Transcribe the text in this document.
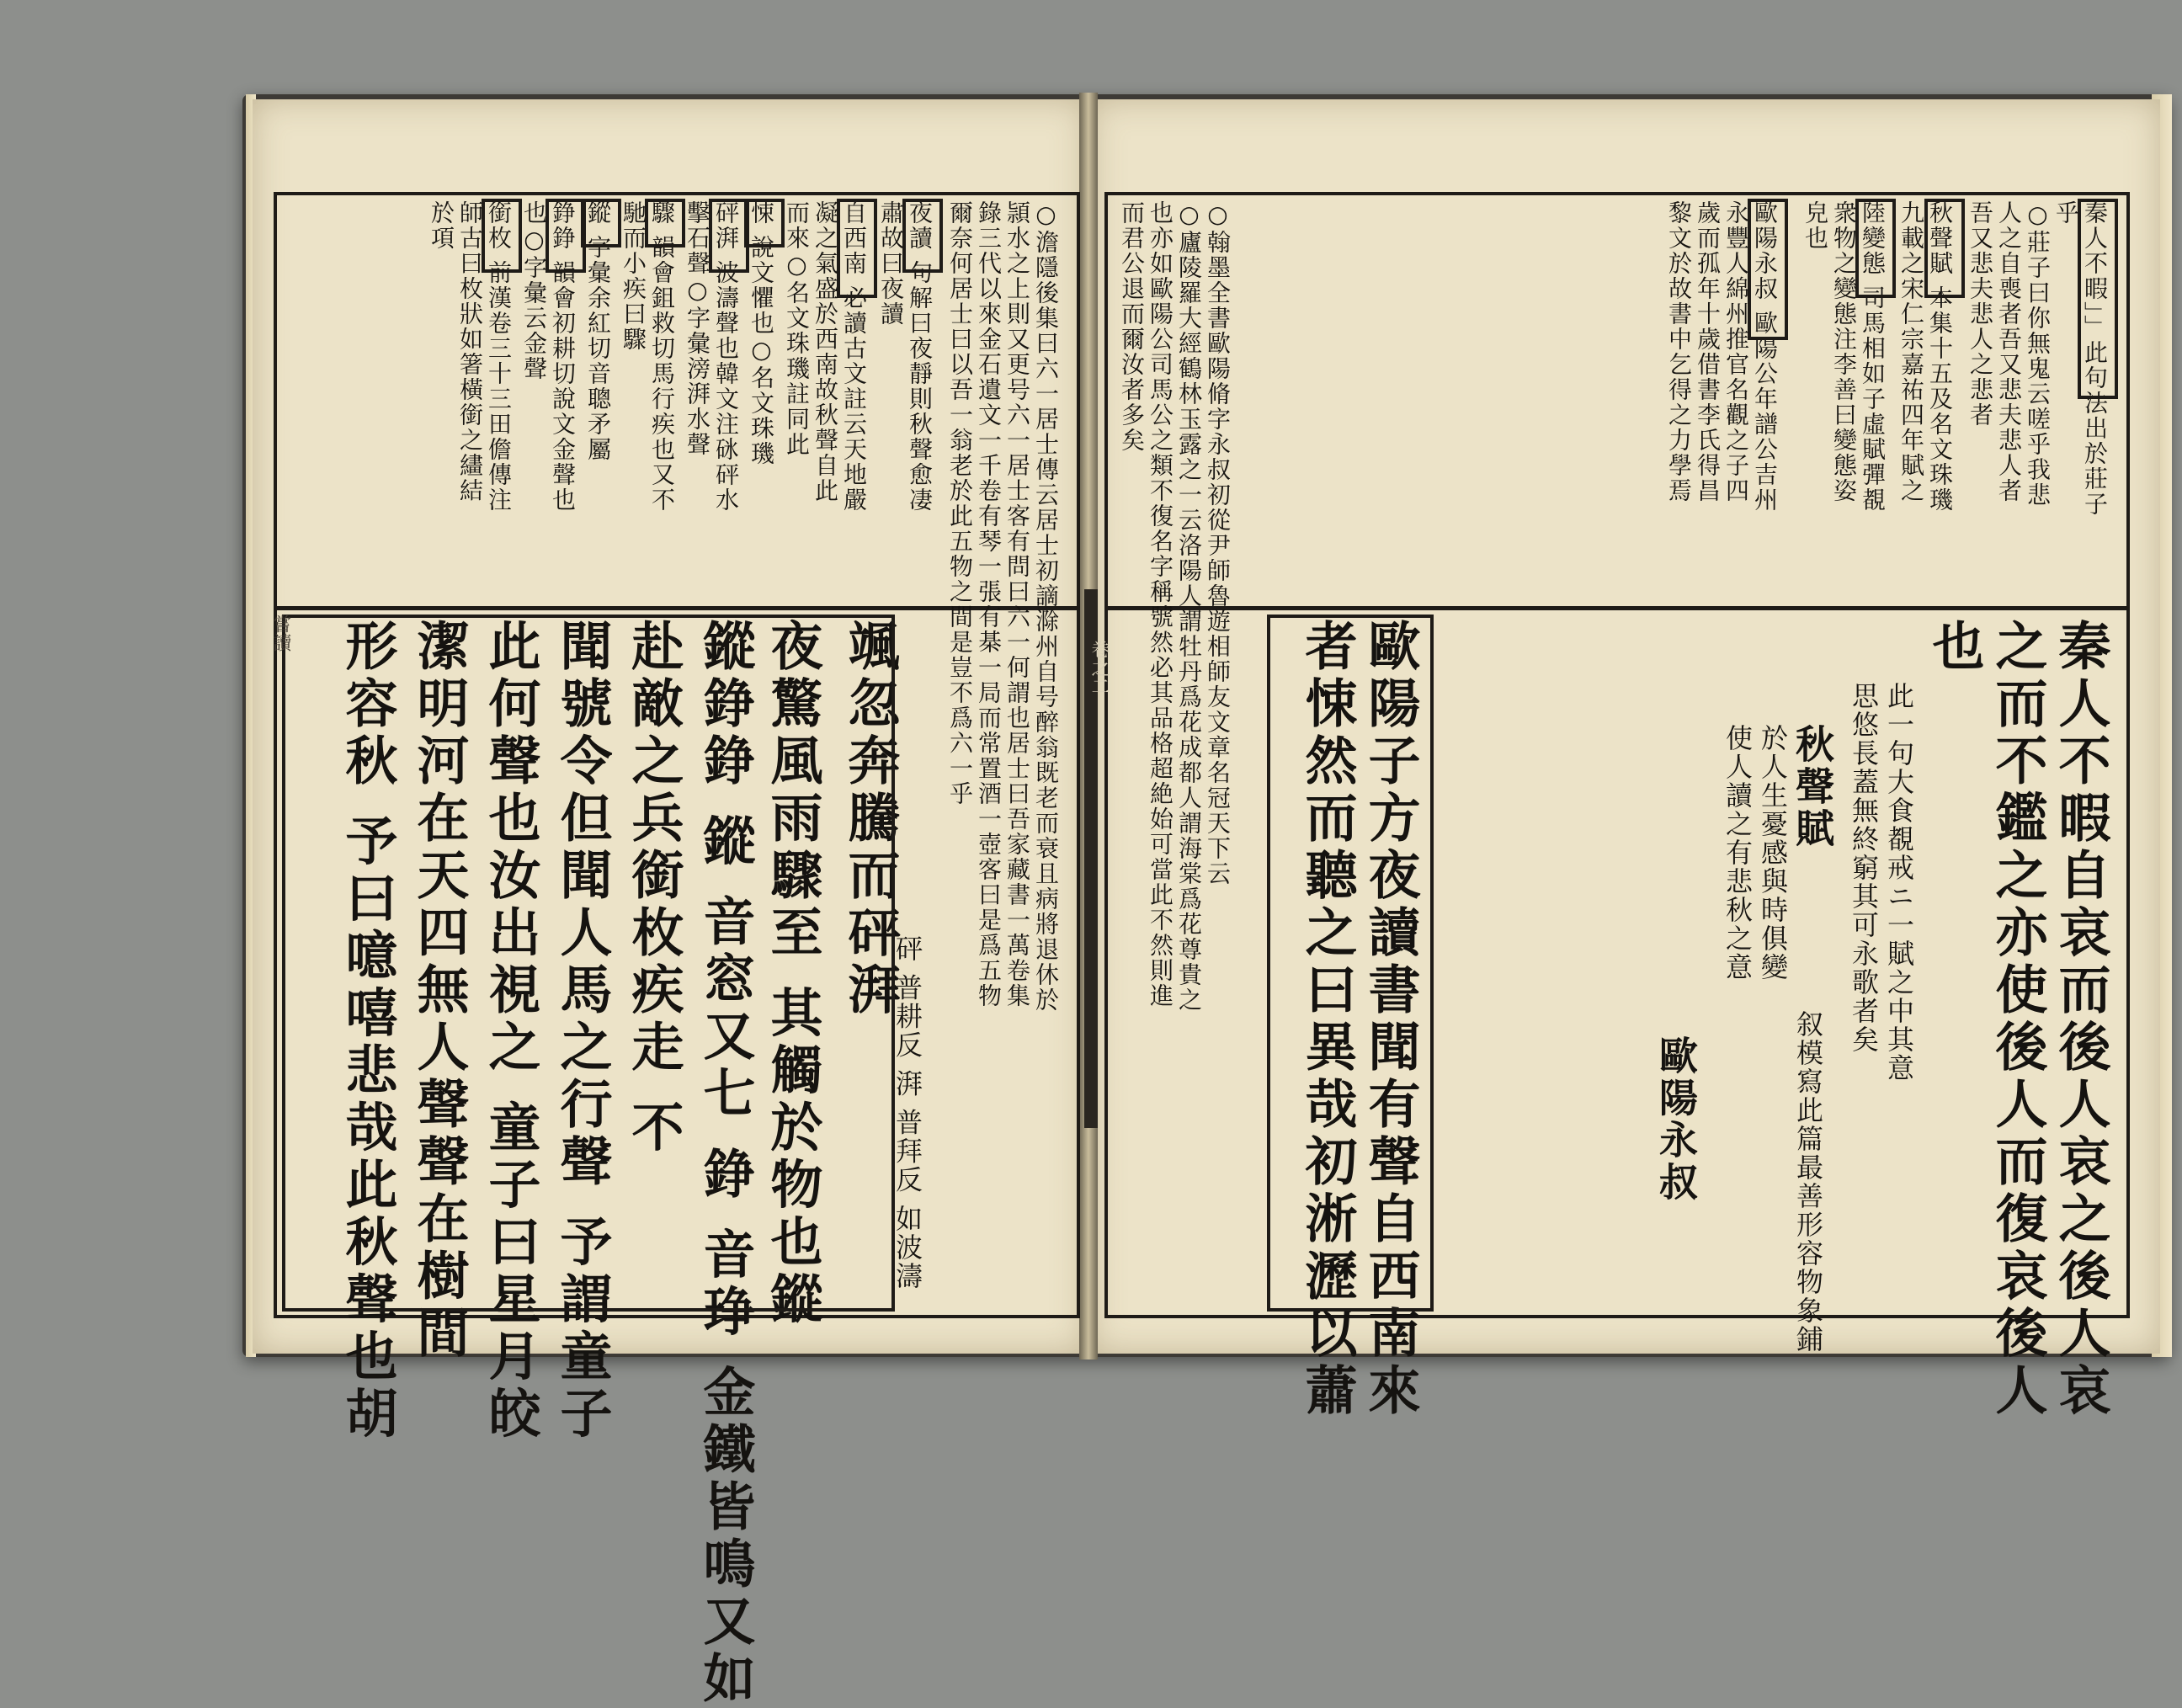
秦人不暇」」此句法出於莊子
乎
○莊子曰你無鬼云嗟乎我悲
人之自喪者吾又悲夫悲人者
吾又悲夫悲人之悲者
秋聲賦 本集十五及名文珠璣
九載之宋仁宗嘉祐四年賦之
陸變態 司馬相如子虛賦彈覩
衆物之變態注李善曰變態姿
皃也
歐陽永叔 歐陽公年譜公吉州
永豐人綿州推官名觀之子四
歲而孤年十歲借書李氏得昌
黎文於故書中乞得之力學焉
○翰墨全書歐陽脩字永叔初從尹師魯遊相師友文章名冠天下云
○廬陵羅大經鶴林玉露之一云洛陽人謂牡丹爲花成都人謂海棠爲花尊貴之
也亦如歐陽公司馬公之類不復名字稱號然必其品格超絶始可當此不然則進
而君公退而爾汝者多矣
秦人不暇自哀而後人哀之後人哀
之而不鑑之亦使後人而復哀後人
也
此一句大食覩戒ニ一賦之中其意
思悠長蓋無終窮其可永歌者矣
秋聲賦
叙模寫此篇最善形容物象鋪
於人生憂感與時俱變
使人讀之有悲秋之意
歐陽永叔
歐陽子方夜讀書聞有聲自西南來
者悚然而聽之曰異哉初淅瀝以蕭
○澹隱後集曰六一居士傳云居士初謫滁州自号醉翁既老而衰且病將退休於
頴水之上則又更号六一居士客有問曰六一何謂也居士曰吾家藏書一萬卷集
錄三代以來金石遺文一千卷有琴一張有棊一局而常置酒一壺客曰是爲五物
爾奈何居士曰以吾一翁老於此五物之間是豈不爲六一乎
夜讀 句解曰夜靜則秋聲愈凄
肅故曰夜讀
自西南 必讀古文註云天地嚴
凝之氣盛於西南故秋聲自此
而來○名文珠璣註同此
悚 說文懼也○名文珠璣
砰湃 波濤聲也韓文注砯砰水
擊石聲○字彙滂湃水聲
驟 韻會鉏救切馬行疾也又不
馳而小疾曰驟
鏦 字彙余紅切音聰矛屬
錚錚 韻會初耕切說文金聲也
也○字彙云金聲
銜枚 前漢卷三十三田儋傳注
師古曰枚狀如箸橫銜之繣結
於項
颯忽奔騰而砰湃
砰 普耕反 湃 普拜反 如波濤
夜驚風雨驟至 其觸於物也鏦
鏦錚錚 鏦 音窓又七 錚 音琤 金鐵皆鳴又如
赴敵之兵銜枚疾走 不
聞號令但聞人馬之行聲 予謂童子
此何聲也汝出視之 童子曰星月皎
潔明河在天四無人聲聲在樹間
形容秋 予曰噫嘻悲哉此秋聲也胡
嘗讀
卷之二
